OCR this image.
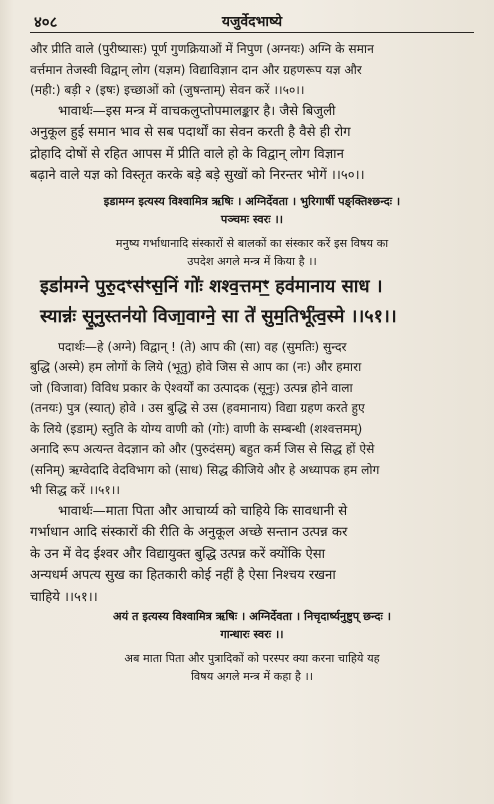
४०८	यजुर्वेदभाष्ये

और प्रीति वाले (पुरीष्यासः) पूर्ण गुणक्रियाओं में निपुण (अग्नयः) अग्नि के समान

वर्त्तमान तेजस्वी विद्वान् लोग (यज्ञम) विद्याविज्ञान दान और ग्रहणरूप यज्ञ और

(मही:) बड़ी २ (इषः) इच्छाओं को (जुषन्ताम्) सेवन करें ।।५०।।

भावार्थः—इस मन्त्र में वाचकलुप्तोपमालङ्कार है। जैसे बिजुली

अनुकूल हुई समान भाव से सब पदार्थों का सेवन करती है वैसे ही रोग

द्रोहादि दोषों से रहित आपस में प्रीति वाले हो के विद्वान् लोग विज्ञान

बढ़ाने वाले यज्ञ को विस्तृत करके बड़े बड़े सुखों को निरन्तर भोगें ।।५०।।

इडामग्न इत्यस्य विश्वामित्र ऋषिः । अग्निर्देवता । भुरिगार्षी पङ्क्तिश्छन्दः ।

पञ्चमः स्वरः ।।

मनुष्य गर्भाधानादि संस्कारों से बालकों का संस्कार करें इस विषय का

उपदेश अगले मन्त्र में किया है ।।

इडा॑मग्ने पुरु॒दꣳस॑ꣳस॒निं गोः॑ शश्व॒त्तमꣳ॒ हव॑मानाय साध ।

स्यान्नः॑ सू॒नुस्तन॑यो विजा॒वाग्ने॒ सा ते॑ सुम॒तिर्भू॑त्व॒स्मे ।।५१।।

पदार्थः—हे (अग्ने) विद्वान् ! (ते) आप की (सा) वह (सुमतिः) सुन्दर

बुद्धि (अस्मे) हम लोगों के लिये (भूतु) होवे जिस से आप का (नः) और हमारा

जो (विजावा) विविध प्रकार के ऐश्वर्यों का उत्पादक (सूनुः) उत्पन्न होने वाला

(तनयः) पुत्र (स्यात्) होवे । उस बुद्धि से उस (हवमानाय) विद्या ग्रहण करते हुए

के लिये (इडाम्) स्तुति के योग्य वाणी को (गोः) वाणी के सम्बन्धी (शश्वत्तमम्)

अनादि रूप अत्यन्त वेदज्ञान को और (पुरुदंसम्) बहुत कर्म जिस से सिद्ध हों ऐसे

(सनिम्) ऋग्वेदादि वेदविभाग को (साध) सिद्ध कीजिये और हे अध्यापक हम लोग

भी सिद्ध करें ।।५१।।

भावार्थः—माता पिता और आचार्य्य को चाहिये कि सावधानी से

गर्भाधान आदि संस्कारों की रीति के अनुकूल अच्छे सन्तान उत्पन्न कर

के उन में वेद ईश्वर और विद्यायुक्त बुद्धि उत्पन्न करें क्योंकि ऐसा

अन्यधर्म अपत्य सुख का हितकारी कोई नहीं है ऐसा निश्चय रखना

चाहिये ।।५१।।

अयं त इत्यस्य विश्वामित्र ऋषिः । अग्निर्देवता । निचृदार्ष्यनुष्टुप् छन्दः ।

गान्धारः स्वरः ।।

अब माता पिता और पुत्रादिकों को परस्पर क्या करना चाहिये यह

विषय अगले मन्त्र में कहा है ।।
